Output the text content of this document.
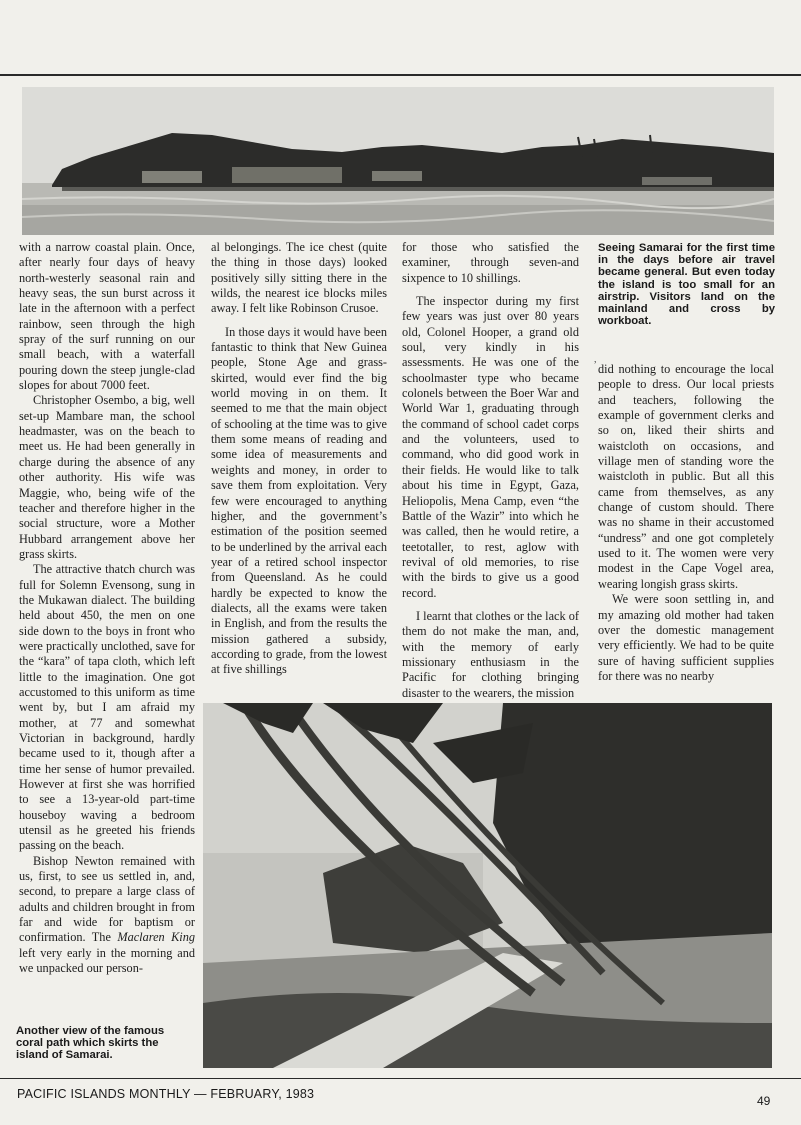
Seeing Samarai for the first time in the days before air travel became general. But even today the island is too small for an airstrip. Visitors land on the mainland and cross by workboat.
,

with a narrow coastal plain. Once, after nearly four days of heavy north-westerly seasonal rain and heavy seas, the sun burst across it late in the afternoon with a perfect rainbow, seen through the high spray of the surf running on our small beach, with a waterfall pouring down the steep jungle-clad slopes for about 7000 feet.

Christopher Osembo, a big, well set-up Mambare man, the school headmaster, was on the beach to meet us. He had been generally in charge during the absence of any other authority. His wife was Maggie, who, being wife of the teacher and therefore higher in the social structure, wore a Mother Hubbard arrangement above her grass skirts.

The attractive thatch church was full for Solemn Evensong, sung in the Mukawan dialect. The building held about 450, the men on one side down to the boys in front who were practically unclothed, save for the “kara” of tapa cloth, which left little to the imagination. One got accustomed to this uniform as time went by, but I am afraid my mother, at 77 and somewhat Victorian in background, hardly became used to it, though after a time her sense of humor prevailed. However at first she was horrified to see a 13-year-old part-time houseboy waving a bedroom utensil as he greeted his friends passing on the beach.

Bishop Newton remained with us, first, to see us settled in, and, second, to prepare a large class of adults and children brought in from far and wide for baptism or confirmation. The Maclaren King left very early in the morning and we unpacked our person-

al belongings. The ice chest (quite the thing in those days) looked positively silly sitting there in the wilds, the nearest ice blocks miles away. I felt like Robinson Crusoe.

In those days it would have been fantastic to think that New Guinea people, Stone Age and grass-skirted, would ever find the big world moving in on them. It seemed to me that the main object of schooling at the time was to give them some means of reading and some idea of measurements and weights and money, in order to save them from exploitation. Very few were encouraged to anything higher, and the government’s estimation of the position seemed to be underlined by the arrival each year of a retired school inspector from Queensland. As he could hardly be expected to know the dialects, all the exams were taken in English, and from the results the mission gathered a subsidy, according to grade, from the lowest at five shillings

for those who satisfied the examiner, through seven-and sixpence to 10 shillings.

The inspector during my first few years was just over 80 years old, Colonel Hooper, a grand old soul, very kindly in his assessments. He was one of the schoolmaster type who became colonels between the Boer War and World War 1, graduating through the command of school cadet corps and the volunteers, used to command, who did good work in their fields. He would like to talk about his time in Egypt, Gaza, Heliopolis, Mena Camp, even “the Battle of the Wazir” into which he was called, then he would retire, a teetotaller, to rest, aglow with revival of old memories, to rise with the birds to give us a good record.

I learnt that clothes or the lack of them do not make the man, and, with the memory of early missionary enthusiasm in the Pacific for clothing bringing disaster to the wearers, the mission

did nothing to encourage the local people to dress. Our local priests and teachers, following the example of government clerks and so on, liked their shirts and waistcloth on occasions, and village men of standing wore the waistcloth in public. But all this came from themselves, as any change of custom should. There was no shame in their accustomed “undress” and one got completely used to it. The women were very modest in the Cape Vogel area, wearing longish grass skirts.

We were soon settling in, and my amazing old mother had taken over the domestic management very efficiently. We had to be quite sure of having sufficient supplies for there was no nearby

Another view of the famous coral path which skirts the island of Samarai.
PACIFIC ISLANDS MONTHLY — FEBRUARY, 1983	49
